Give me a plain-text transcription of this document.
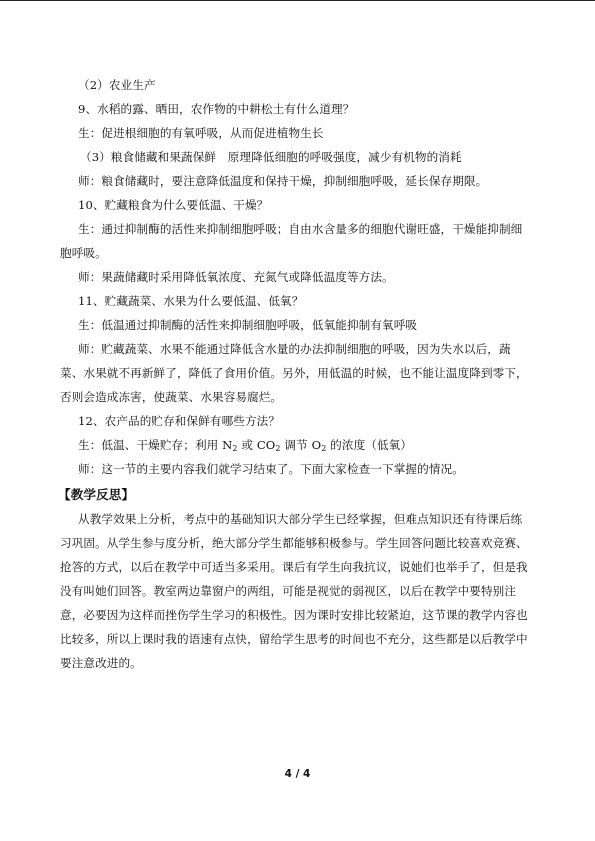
（2）农业生产
9、水稻的露、晒田，农作物的中耕松土有什么道理？
生：促进根细胞的有氧呼吸，从而促进植物生长
（3）粮食储藏和果蔬保鲜　原理降低细胞的呼吸强度，减少有机物的消耗
师：粮食储藏时，要注意降低温度和保持干燥，抑制细胞呼吸，延长保存期限。
10、贮藏粮食为什么要低温、干燥？
生：通过抑制酶的活性来抑制细胞呼吸；自由水含量多的细胞代谢旺盛，干燥能抑制细
胞呼吸。
师：果蔬储藏时采用降低氧浓度、充氮气或降低温度等方法。
11、贮藏蔬菜、水果为什么要低温、低氧？
生：低温通过抑制酶的活性来抑制细胞呼吸，低氧能抑制有氧呼吸
师：贮藏蔬菜、水果不能通过降低含水量的办法抑制细胞的呼吸，因为失水以后，蔬
菜、水果就不再新鲜了，降低了食用价值。另外，用低温的时候，也不能让温度降到零下，
否则会造成冻害，使蔬菜、水果容易腐烂。
12、农产品的贮存和保鲜有哪些方法？
生：低温、干燥贮存；利用 $N_2$ 或 $CO_2$ 调节 $O_2$ 的浓度（低氧）
师：这一节的主要内容我们就学习结束了。下面大家检查一下掌握的情况。
【教学反思】
从教学效果上分析，考点中的基础知识大部分学生已经掌握，但难点知识还有待课后练
习巩固。从学生参与度分析，绝大部分学生都能够积极参与。学生回答问题比较喜欢竞赛、
抢答的方式，以后在教学中可适当多采用。课后有学生向我抗议，说她们也举手了，但是我
没有叫她们回答。教室两边靠窗户的两组，可能是视觉的弱视区，以后在教学中要特别注
意，必要因为这样而挫伤学生学习的积极性。因为课时安排比较紧迫，这节课的教学内容也
比较多，所以上课时我的语速有点快，留给学生思考的时间也不充分，这些都是以后教学中
要注意改进的。
4 / 4
